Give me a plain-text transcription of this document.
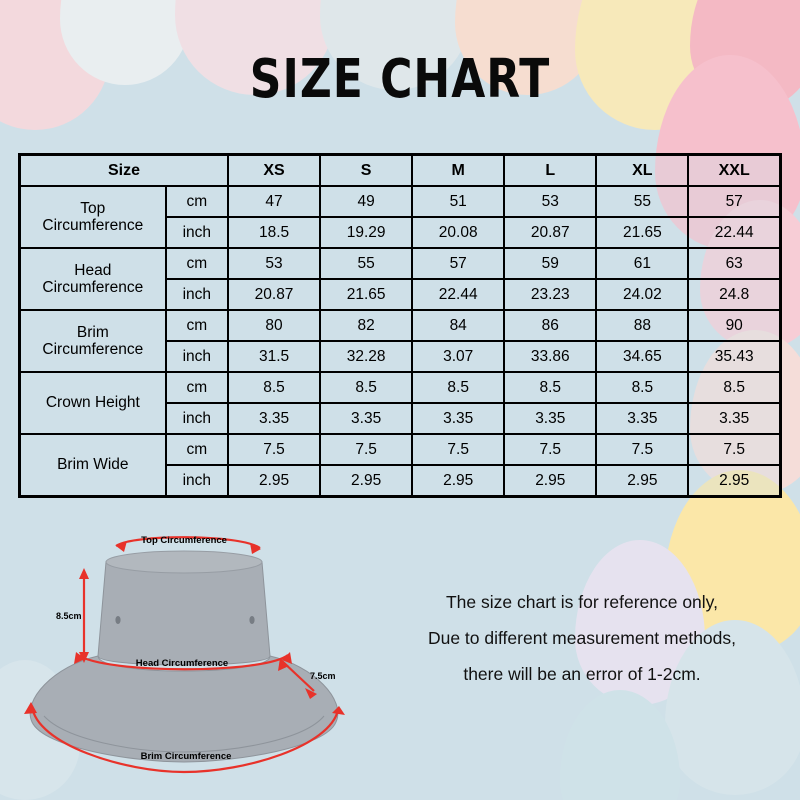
SIZE CHART
Size		XS	S	M	L	XL	XXL
Top
Circumference	cm	47	49	51	53	55	57
	inch	18.5	19.29	20.08	20.87	21.65	22.44
Head
Circumference	cm	53	55	57	59	61	63
	inch	20.87	21.65	22.44	23.23	24.02	24.8
Brim
Circumference	cm	80	82	84	86	88	90
	inch	31.5	32.28	3.07	33.86	34.65	35.43
Crown Height	cm	8.5	8.5	8.5	8.5	8.5	8.5
	inch	3.35	3.35	3.35	3.35	3.35	3.35
Brim Wide	cm	7.5	7.5	7.5	7.5	7.5	7.5
	inch	2.95	2.95	2.95	2.95	2.95	2.95
Top Circumference
8.5cm
Head Circumference
7.5cm
Brim Circumference
The size chart is for reference only,
Due to different measurement methods,
there will be an error of 1-2cm.
